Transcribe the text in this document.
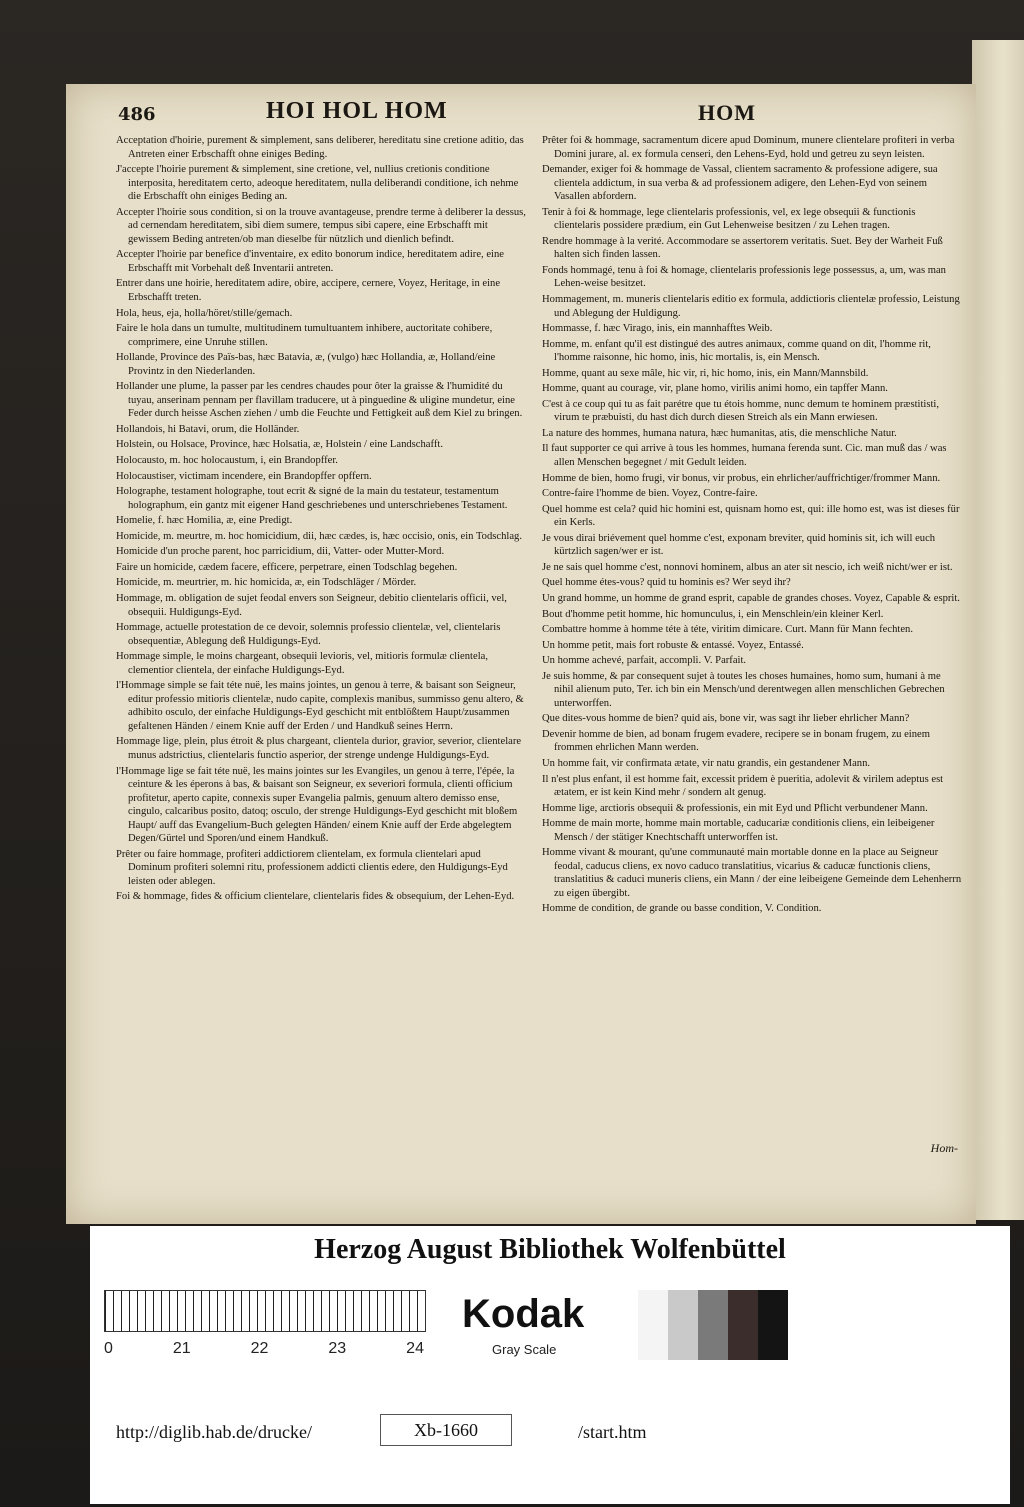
486	HOI HOL HOM	HOM

Acceptation d'hoirie, purement & simplement, sans deliberer, hereditatu sine cretione aditio, das Antreten einer Erbschafft ohne einiges Beding.

J'accepte l'hoirie purement & simplement, sine cretione, vel, nullius cretionis conditione interposita, hereditatem certo, adeoque hereditatem, nulla deliberandi conditione, ich nehme die Erbschafft ohn einiges Beding an.

Accepter l'hoirie sous condition, si on la trouve avantageuse, prendre terme à deliberer la dessus, ad cernendam hereditatem, sibi diem sumere, tempus sibi capere, eine Erbschafft mit gewissem Beding antreten/ob man dieselbe für nützlich und dienlich befindt.

Accepter l'hoirie par benefice d'inventaire, ex edito bonorum indice, hereditatem adire, eine Erbschafft mit Vorbehalt deß Inventarii antreten.

Entrer dans une hoirie, hereditatem adire, obire, accipere, cernere, Voyez, Heritage, in eine Erbschafft treten.

Hola, heus, eja, holla/höret/stille/gemach.

Faire le hola dans un tumulte, multitudinem tumultuantem inhibere, auctoritate cohibere, comprimere, eine Unruhe stillen.

Hollande, Province des Païs-bas, hæc Batavia, æ, (vulgo) hæc Hollandia, æ, Holland/eine Provintz in den Niederlanden.

Hollander une plume, la passer par les cendres chaudes pour ôter la graisse & l'humidité du tuyau, anserinam pennam per flavillam traducere, ut à pinguedine & uligine mundetur, eine Feder durch heisse Aschen ziehen / umb die Feuchte und Fettigkeit auß dem Kiel zu bringen.

Hollandois, hi Batavi, orum, die Holländer.

Holstein, ou Holsace, Province, hæc Holsatia, æ, Holstein / eine Landschafft.

Holocausto, m. hoc holocaustum, i, ein Brandopffer.

Holocaustiser, victimam incendere, ein Brandopffer opffern.

Holographe, testament holographe, tout ecrit & signé de la main du testateur, testamentum holographum, ein gantz mit eigener Hand geschriebenes und unterschriebenes Testament.

Homelie, f. hæc Homilia, æ, eine Predigt.

Homicide, m. meurtre, m. hoc homicidium, dii, hæc cædes, is, hæc occisio, onis, ein Todschlag.

Homicide d'un proche parent, hoc parricidium, dii, Vatter- oder Mutter-Mord.

Faire un homicide, cædem facere, efficere, perpetrare, einen Todschlag begehen.

Homicide, m. meurtrier, m. hic homicida, æ, ein Todschläger / Mörder.

Hommage, m. obligation de sujet feodal envers son Seigneur, debitio clientelaris officii, vel, obsequii. Huldigungs-Eyd.

Hommage, actuelle protestation de ce devoir, solemnis professio clientelæ, vel, clientelaris obsequentiæ, Ablegung deß Huldigungs-Eyd.

Hommage simple, le moins chargeant, obsequii levioris, vel, mitioris formulæ clientela, clementior clientela, der einfache Huldigungs-Eyd.

l'Hommage simple se fait téte nuë, les mains jointes, un genou à terre, & baisant son Seigneur, editur professio mitioris clientelæ, nudo capite, complexis manibus, summisso genu altero, & adhibito osculo, der einfache Huldigungs-Eyd geschicht mit entblößtem Haupt/zusammen gefaltenen Händen / einem Knie auff der Erden / und Handkuß seines Herrn.

Hommage lige, plein, plus étroit & plus chargeant, clientela durior, gravior, severior, clientelare munus adstrictius, clientelaris functio asperior, der strenge undenge Huldigungs-Eyd.

l'Hommage lige se fait téte nuë, les mains jointes sur les Evangiles, un genou à terre, l'épée, la ceinture & les éperons à bas, & baisant son Seigneur, ex severiori formula, clienti officium profitetur, aperto capite, connexis super Evangelia palmis, genuum altero demisso ense, cingulo, calcaribus posito, datoq; osculo, der strenge Huldigungs-Eyd geschicht mit bloßem Haupt/ auff das Evangelium-Buch gelegten Händen/ einem Knie auff der Erde abgelegtem Degen/Gürtel und Sporen/und einem Handkuß.

Prêter ou faire hommage, profiteri addictiorem clientelam, ex formula clientelari apud Dominum profiteri solemni ritu, professionem addicti clientis edere, den Huldigungs-Eyd leisten oder ablegen.

Foi & hommage, fides & officium clientelare, clientelaris fides & obsequium, der Lehen-Eyd.

Prêter foi & hommage, sacramentum dicere apud Dominum, munere clientelare profiteri in verba Domini jurare, al. ex formula censeri, den Lehens-Eyd, hold und getreu zu seyn leisten.

Demander, exiger foi & hommage de Vassal, clientem sacramento & professione adigere, sua clientela addictum, in sua verba & ad professionem adigere, den Lehen-Eyd von seinem Vasallen abfordern.

Tenir à foi & hommage, lege clientelaris professionis, vel, ex lege obsequii & functionis clientelaris possidere prædium, ein Gut Lehenweise besitzen / zu Lehen tragen.

Rendre hommage à la verité. Accommodare se assertorem veritatis. Suet. Bey der Warheit Fuß halten sich finden lassen.

Fonds hommagé, tenu à foi & homage, clientelaris professionis lege possessus, a, um, was man Lehen-weise besitzet.

Hommagement, m. muneris clientelaris editio ex formula, addictioris clientelæ professio, Leistung und Ablegung der Huldigung.

Hommasse, f. hæc Virago, inis, ein mannhafftes Weib.

Homme, m. enfant qu'il est distingué des autres animaux, comme quand on dit, l'homme rit, l'homme raisonne, hic homo, inis, hic mortalis, is, ein Mensch.

Homme, quant au sexe mâle, hic vir, ri, hic homo, inis, ein Mann/Mannsbild.

Homme, quant au courage, vir, plane homo, virilis animi homo, ein tapffer Mann.

C'est à ce coup qui tu as fait parétre que tu étois homme, nunc demum te hominem præstitisti, virum te præbuisti, du hast dich durch diesen Streich als ein Mann erwiesen.

La nature des hommes, humana natura, hæc humanitas, atis, die menschliche Natur.

Il faut supporter ce qui arrive à tous les hommes, humana ferenda sunt. Cic. man muß das / was allen Menschen begegnet / mit Gedult leiden.

Homme de bien, homo frugi, vir bonus, vir probus, ein ehrlicher/auffrichtiger/frommer Mann.

Contre-faire l'homme de bien. Voyez, Contre-faire.

Quel homme est cela? quid hic homini est, quisnam homo est, qui: ille homo est, was ist dieses für ein Kerls.

Je vous dirai briévement quel homme c'est, exponam breviter, quid hominis sit, ich will euch kürtzlich sagen/wer er ist.

Je ne sais quel homme c'est, nonnovi hominem, albus an ater sit nescio, ich weiß nicht/wer er ist.

Quel homme étes-vous? quid tu hominis es? Wer seyd ihr?

Un grand homme, un homme de grand esprit, capable de grandes choses. Voyez, Capable & esprit.

Bout d'homme petit homme, hic homunculus, i, ein Menschlein/ein kleiner Kerl.

Combattre homme à homme téte à téte, viritim dimicare. Curt. Mann für Mann fechten.

Un homme petit, mais fort robuste & entassé. Voyez, Entassé.

Un homme achevé, parfait, accompli. V. Parfait.

Je suis homme, & par consequent sujet à toutes les choses humaines, homo sum, humani à me nihil alienum puto, Ter. ich bin ein Mensch/und derentwegen allen menschlichen Gebrechen unterworffen.

Que dites-vous homme de bien? quid ais, bone vir, was sagt ihr lieber ehrlicher Mann?

Devenir homme de bien, ad bonam frugem evadere, recipere se in bonam frugem, zu einem frommen ehrlichen Mann werden.

Un homme fait, vir confirmata ætate, vir natu grandis, ein gestandener Mann.

Il n'est plus enfant, il est homme fait, excessit pridem è pueritia, adolevit & virilem adeptus est ætatem, er ist kein Kind mehr / sondern alt genug.

Homme lige, arctioris obsequii & professionis, ein mit Eyd und Pflicht verbundener Mann.

Homme de main morte, homme main mortable, caducariæ conditionis cliens, ein leibeigener Mensch / der stätiger Knechtschafft unterworffen ist.

Homme vivant & mourant, qu'une communauté main mortable donne en la place au Seigneur feodal, caducus cliens, ex novo caduco translatitius, vicarius & caducæ functionis cliens, translatitius & caduci muneris cliens, ein Mann / der eine leibeigene Gemeinde dem Lehenherrn zu eigen übergibt.

Homme de condition, de grande ou basse condition, V. Condition.

Hom-
Herzog August Bibliothek Wolfenbüttel
0	21	22	23	24
Kodak
Gray Scale
http://diglib.hab.de/drucke/	Xb-1660	/start.htm
